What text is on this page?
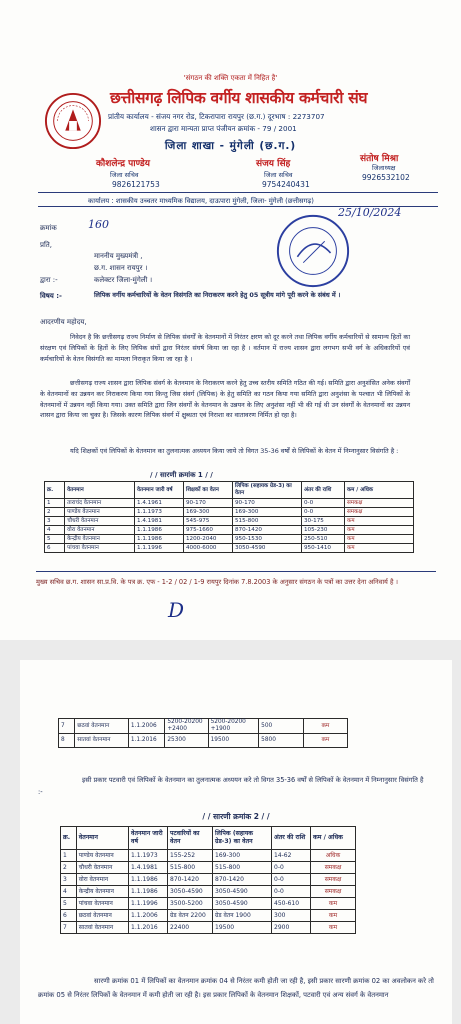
'संगठन की शक्ति एकता में निहित है'
छत्तीसगढ़ लिपिक वर्गीय शासकीय कर्मचारी संघ
प्रांतीय कार्यालय - संजय नगर रोड, टिकरापारा रायपुर (छ.ग.) दूरभाष : 2273707
शासन द्वारा मान्यता प्राप्त पंजीयन क्रमांक - 79 / 2001
जिला शाखा - मुंगेली (छ.ग.)
कौशलेन्द्र पाण्डेय
जिला सचिव
9826121753
संजय सिंह
जिला सचिव
9754240431
संतोष मिश्रा
जिलाध्यक्ष
9926532102
कार्यालय : शासकीय उच्चतर माध्यमिक विद्यालय, दाऊपारा मुंगेली, जिला- मुंगेली (छत्तीसगढ़)
क्रमांक	160
25/10/2024
प्रति,
माननीय मुख्यमंत्री ,
छ.ग. शासन रायपुर ।
द्वारा :-	कलेक्टर जिला-मुंगेली ।
विषय :-	लिपिक वर्गीय कर्मचारियों के वेतन विसंगति का निराकरण करने हेतु 05 सूत्रीय मांगे पूरी करने के संबंध में ।
आदरणीय महोदय,
निवेदन है कि छत्तीसगढ़ राज्य निर्माण से लिपिक संवर्गों के वेतनमानों में निरंतर क्षरण को दूर करने तथा लिपिक वर्गीय कर्मचारियों से सामान्य हितों का संरक्षण एवं लिपिकों के हितों के लिए लिपिक संघों द्वारा निरंतर संघर्ष किया जा रहा है । वर्तमान में राज्य शासन द्वारा लगभग सभी वर्ग के अधिकारियों एवं कर्मचारियों के वेतन विसंगति का मामला निराकृत किया जा रहा है ।
छत्तीसगढ़ राज्य शासन द्वारा लिपिक संवर्ग के वेतनमान के निराकरण करने हेतु उच्च स्तरीय समिति गठित की गई। समिति द्वारा अनुशंसित अनेक संवर्गों के वेतनमानों का उन्नयन कर निराकरण किया गया किन्तु जिस संवर्ग (लिपिक) के हेतु समिति का गठन किया गया समिति द्वारा अनुशंसा के पश्चात भी लिपिकों के वेतनमानों में उन्नयन नहीं किया गया। उक्त समिति द्वारा जिन संवर्गों के वेतनमान के उन्नयन के लिए अनुशंसा नहीं भी की गई थी उन संवर्गों के वेतनमानों का उन्नयन शासन द्वारा किया जा चुका है। जिसके कारण लिपिक संवर्ग में क्षुब्धता एवं निराशा का वातावरण निर्मित हो रहा है।
यदि शिक्षकों एवं लिपिकों के वेतनमान का तुलनात्मक अध्ययन किया जाये तो विगत 35-36 वर्षों से लिपिकों के वेतन में निम्नानुसार विसंगति है :
/ / सारणी क्रमांक 1 / /
क्र.	वेतनमान	वेतनमान जारी वर्ष	शिक्षकों का वेतन	लिपिक (सहायक ग्रेड-3) का वेतन	अंतर की राशि	कम / अधिक
1	ताराचंद वेतनमान	1.4.1961	90-170	90-170	0-0	समकक्ष
2	पाण्डेय वेतनमान	1.1.1973	169-300	169-300	0-0	समकक्ष
3	चौधरी वेतनमान	1.4.1981	545-975	515-800	30-175	कम
4	वोरा वेतनमान	1.1.1986	975-1660	870-1420	105-230	कम
5	केन्द्रीय वेतनमान	1.1.1986	1200-2040	950-1530	250-510	कम
6	पांचवा वेतनमान	1.1.1996	4000-6000	3050-4590	950-1410	कम
मुख्य सचिव छ.ग. शासन सा.प्र.वि. के पत्र क्र. एफ - 1-2 / 02 / 1-9 रायपुर दिनांक 7.8.2003 के अनुसार संगठन के पत्रों का उत्तर देना अनिवार्य है ।
D
7	छठवां वेतनमान	1.1.2006	5200-20200 +2400	5200-20200 +1900	500	कम
8	सातवां वेतनमान	1.1.2016	25300	19500	5800	कम
इसी प्रकार पटवारी एवं लिपिकों के वेतनमान का तुलनात्मक अध्ययन करे तो विगत 35-36 वर्षों से लिपिकों के वेतनमान में निम्नानुसार विसंगति है :-
/ / सारणी क्रमांक 2 / /
क्र.	वेतनमान	वेतनमान जारी वर्ष	पटवारियों का वेतन	लिपिक (सहायक ग्रेड-3) का वेतन	अंतर की राशि	कम / अधिक
1	पाण्डेय वेतनमान	1.1.1973	155-252	169-300	14-62	अधिक
2	चौधरी वेतनमान	1.4.1981	515-800	515-800	0-0	समकक्ष
3	वोरा वेतनमान	1.1.1986	870-1420	870-1420	0-0	समकक्ष
4	केन्द्रीय वेतनमान	1.1.1986	3050-4590	3050-4590	0-0	समकक्ष
5	पांचवा वेतनमान	1.1.1996	3500-5200	3050-4590	450-610	कम
6	छठवां वेतनमान	1.1.2006	ग्रेड वेतन 2200	ग्रेड वेतन 1900	300	कम
7	सातवां वेतनमान	1.1.2016	22400	19500	2900	कम
सारणी क्रमांक 01 में लिपिकों का वेतनमान क्रमांक 04 से निरंतर कमी होती जा रही है, इसी प्रकार सारणी क्रमांक 02 का अवलोकन करे तो क्रमांक 05 से निरंतर लिपिकों के वेतनमान में कमी होती जा रही है। इस प्रकार लिपिकों के वेतनमान शिक्षकों, पटवारी एवं अन्य संवर्ग के वेतनमान
